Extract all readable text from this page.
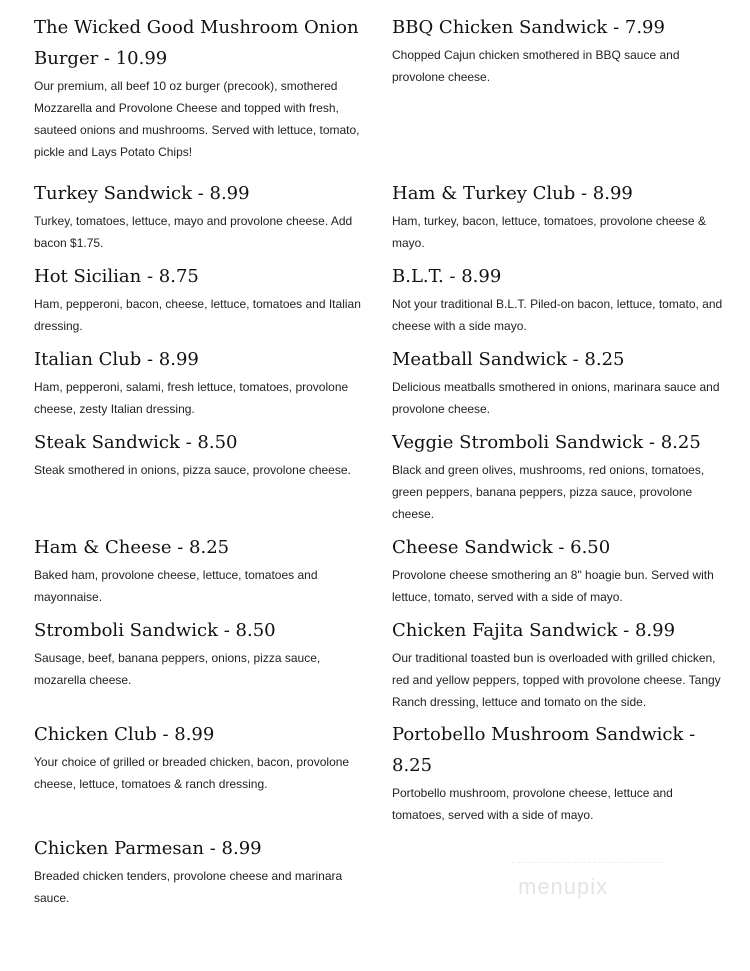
The Wicked Good Mushroom Onion Burger - 10.99
Our premium, all beef 10 oz burger (precook), smothered Mozzarella and Provolone Cheese and topped with fresh, sauteed onions and mushrooms. Served with lettuce, tomato, pickle and Lays Potato Chips!
BBQ Chicken Sandwick - 7.99
Chopped Cajun chicken smothered in BBQ sauce and provolone cheese.
Turkey Sandwick - 8.99
Turkey, tomatoes, lettuce, mayo and provolone cheese. Add bacon $1.75.
Ham & Turkey Club - 8.99
Ham, turkey, bacon, lettuce, tomatoes, provolone cheese & mayo.
Hot Sicilian - 8.75
Ham, pepperoni, bacon, cheese, lettuce, tomatoes and Italian dressing.
B.L.T. - 8.99
Not your traditional B.L.T. Piled-on bacon, lettuce, tomato, and cheese with a side mayo.
Italian Club - 8.99
Ham, pepperoni, salami, fresh lettuce, tomatoes, provolone cheese, zesty Italian dressing.
Meatball Sandwick - 8.25
Delicious meatballs smothered in onions, marinara sauce and provolone cheese.
Steak Sandwick - 8.50
Steak smothered in onions, pizza sauce, provolone cheese.
Veggie Stromboli Sandwick - 8.25
Black and green olives, mushrooms, red onions, tomatoes, green peppers, banana peppers, pizza sauce, provolone cheese.
Ham & Cheese - 8.25
Baked ham, provolone cheese, lettuce, tomatoes and mayonnaise.
Cheese Sandwick - 6.50
Provolone cheese smothering an 8" hoagie bun. Served with lettuce, tomato, served with a side of mayo.
Stromboli Sandwick - 8.50
Sausage, beef, banana peppers, onions, pizza sauce, mozarella cheese.
Chicken Fajita Sandwick - 8.99
Our traditional toasted bun is overloaded with grilled chicken, red and yellow peppers, topped with provolone cheese. Tangy Ranch dressing, lettuce and tomato on the side.
Chicken Club - 8.99
Your choice of grilled or breaded chicken, bacon, provolone cheese, lettuce, tomatoes & ranch dressing.
Portobello Mushroom Sandwick - 8.25
Portobello mushroom, provolone cheese, lettuce and tomatoes, served with a side of mayo.
Chicken Parmesan - 8.99
Breaded chicken tenders, provolone cheese and marinara sauce.	menupix
